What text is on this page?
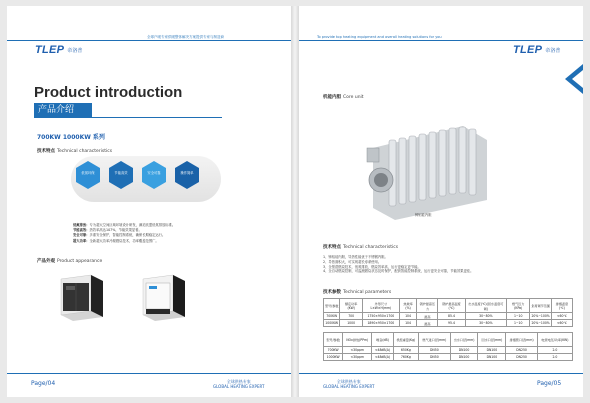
全球户暖专家供暖整体解决方案提供专家与制造商
TLEP 帝洛普
Product introduction
产品介绍
700KW 1000KW 系列
技术特点 Technical characteristics
低氮环保	节能高效	安全可靠	操作简单
低氮排放：专为超大空间区域环境设计研发，满足欧盟低氮排放标准。
节能高效：热效率高达107%，节能效果显著。
安全可靠：多重安全保护，智能控制系统，确保长期稳定运行。
超大功率：全新超大功率冷凝燃烧技术，功率覆盖范围广。
产品外观 Product appearance
Page/04	全球供热专家
GLOBAL HEATING EXPERT
To provide top heating equipment and overall heating solutions for you
TLEP 帝洛普
机能内胆 Core unit
铸铝硅内胆
技术特点 Technical characteristics
1、铸铝硅内胆，导热性能优于不锈钢内胆。
2、导热面积大，可实现超长寿命使用。
3、全预混燃烧技术，低氮排放，燃烧效率高，运行更稳定更节能。
4、全自动燃烧控制，可监测燃烧状态及时保护，配套智能控制系统，运行更安全可靠，节能效果更佳。
技术参数 Technical parameters
型号/参数	额定功率(KW)	外形尺寸 L×W×H(mm)	热效率(%)	锅炉最高压力	锅炉最高温度(℃)	出水温度(℃)(回水温度可调)	燃气压力(KPa)	负荷调节范围	排烟温度(℃)
700KW	700	1750×950×1700	104	最高	85.4	30~80%	1~10	20%~100%	<60℃
1000KW	1000	1890×950×1700	104	最高	95.4	30~80%	1~10	20%~100%	<60℃
型号/参数	NOx排放(PPm)	噪音(dB)	机组重量(Kg)	燃气进口径(mm)	出水口径(mm)	回水口径(mm)	排烟管口径(mm)	电源电压/功率(KW)
700KW	<30ppm	<48dB(A)	650Kg	DN50	DN100	DN100	DN250	2.0
1000KW	<30ppm	<48dB(A)	760Kg	DN50	DN100	DN100	DN250	2.0
全球供热专家
GLOBAL HEATING EXPERT	Page/05
